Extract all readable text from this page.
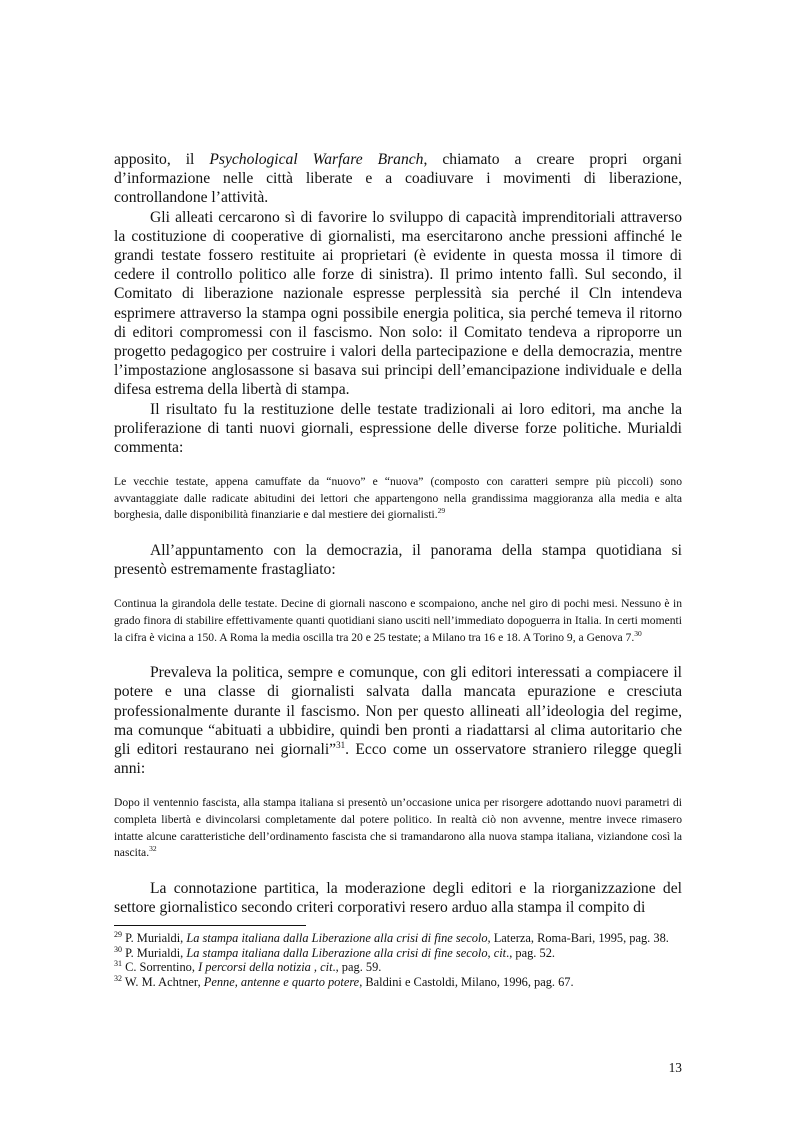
apposito, il Psychological Warfare Branch, chiamato a creare propri organi d’informazione nelle città liberate e a coadiuvare i movimenti di liberazione, controllandone l’attività.

Gli alleati cercarono sì di favorire lo sviluppo di capacità imprenditoriali attraverso la costituzione di cooperative di giornalisti, ma esercitarono anche pressioni affinché le grandi testate fossero restituite ai proprietari (è evidente in questa mossa il timore di cedere il controllo politico alle forze di sinistra). Il primo intento fallì. Sul secondo, il Comitato di liberazione nazionale espresse perplessità sia perché il Cln intendeva esprimere attraverso la stampa ogni possibile energia politica, sia perché temeva il ritorno di editori compromessi con il fascismo. Non solo: il Comitato tendeva a riproporre un progetto pedagogico per costruire i valori della partecipazione e della democrazia, mentre l’impostazione anglosassone si basava sui principi dell’emancipazione individuale e della difesa estrema della libertà di stampa.

Il risultato fu la restituzione delle testate tradizionali ai loro editori, ma anche la proliferazione di tanti nuovi giornali, espressione delle diverse forze politiche. Murialdi commenta:

Le vecchie testate, appena camuffate da “nuovo” e “nuova” (composto con caratteri sempre più piccoli) sono avvantaggiate dalle radicate abitudini dei lettori che appartengono nella grandissima maggioranza alla media e alta borghesia, dalle disponibilità finanziarie e dal mestiere dei giornalisti.$^{29}$

All’appuntamento con la democrazia, il panorama della stampa quotidiana si presentò estremamente frastagliato:

Continua la girandola delle testate. Decine di giornali nascono e scompaiono, anche nel giro di pochi mesi. Nessuno è in grado finora di stabilire effettivamente quanti quotidiani siano usciti nell’immediato dopoguerra in Italia. In certi momenti la cifra è vicina a 150. A Roma la media oscilla tra 20 e 25 testate; a Milano tra 16 e 18. A Torino 9, a Genova 7.30

Prevaleva la politica, sempre e comunque, con gli editori interessati a compiacere il potere e una classe di giornalisti salvata dalla mancata epurazione e cresciuta professionalmente durante il fascismo. Non per questo allineati all’ideologia del regime, ma comunque “abituati a ubbidire, quindi ben pronti a riadattarsi al clima autoritario che gli editori restaurano nei giornali”$^{31}$. Ecco come un osservatore straniero rilegge quegli anni:

Dopo il ventennio fascista, alla stampa italiana si presentò un’occasione unica per risorgere adottando nuovi parametri di completa libertà e divincolarsi completamente dal potere politico. In realtà ciò non avvenne, mentre invece rimasero intatte alcune caratteristiche dell’ordinamento fascista che si tramandarono alla nuova stampa italiana, viziandone così la nascita.$^{32}$

La connotazione partitica, la moderazione degli editori e la riorganizzazione del settore giornalistico secondo criteri corporativi resero arduo alla stampa il compito di

$^{29}$ P. Murialdi, La stampa italiana dalla Liberazione alla crisi di fine secolo, Laterza, Roma-Bari, 1995, pag. 38.

$^{30}$ P. Murialdi, La stampa italiana dalla Liberazione alla crisi di fine secolo, cit., pag. 52.

$^{31}$ C. Sorrentino, I percorsi della notizia , cit., pag. 59.

$^{32}$ W. M. Achtner, Penne, antenne e quarto potere, Baldini e Castoldi, Milano, 1996, pag. 67.

13
